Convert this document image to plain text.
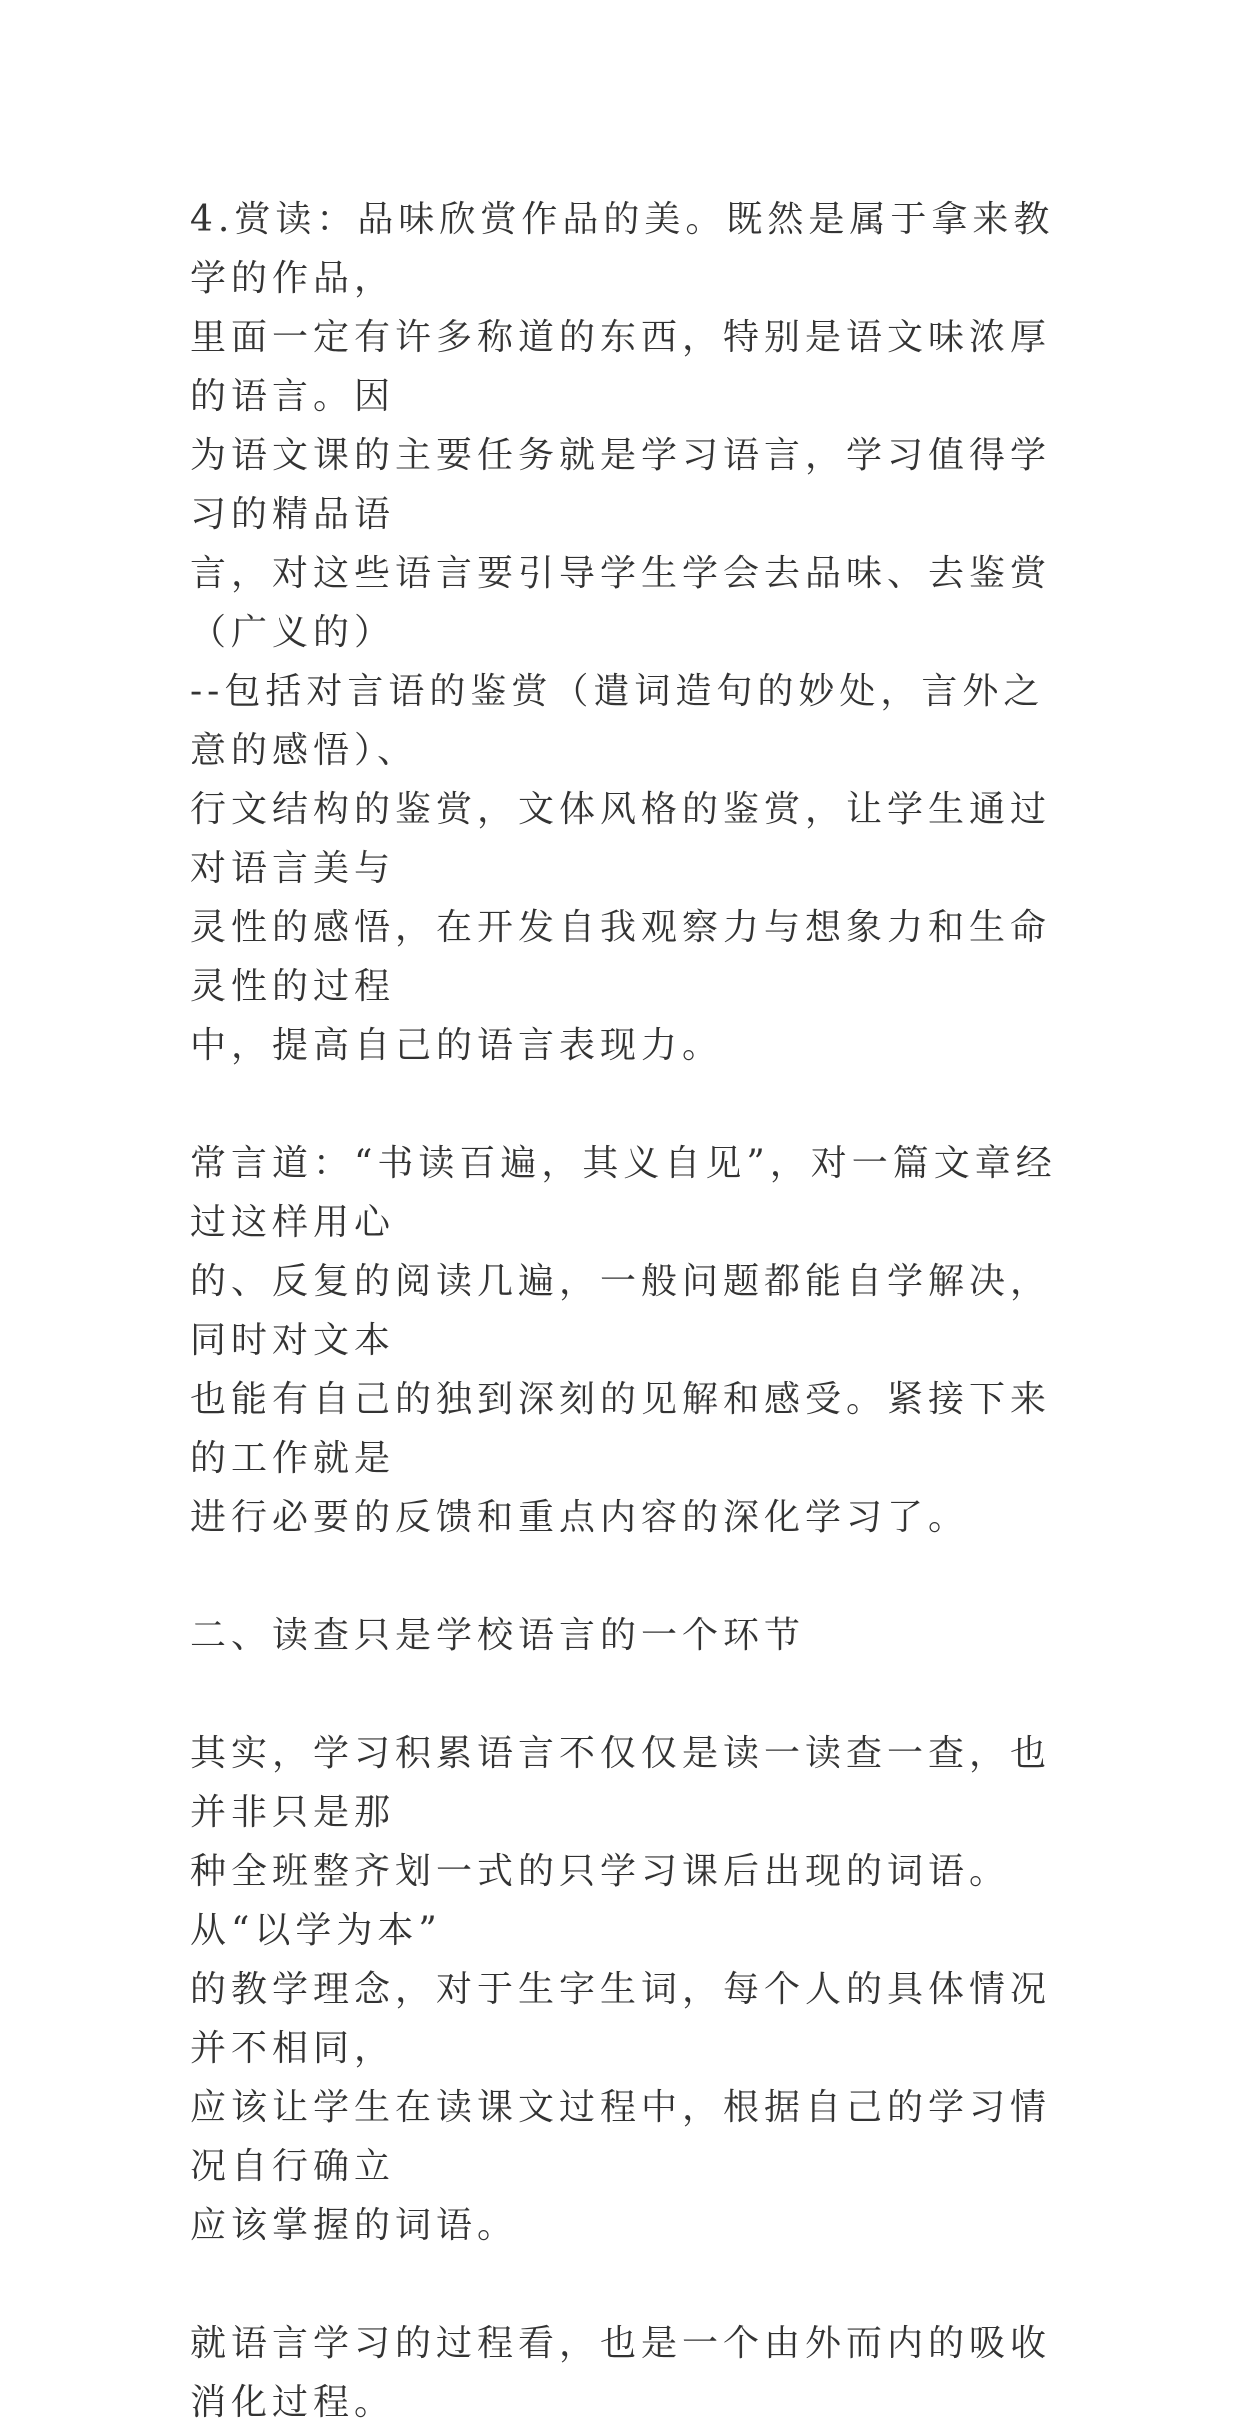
4.赏读：品味欣赏作品的美。既然是属于拿来教学的作品，
里面一定有许多称道的东西，特别是语文味浓厚的语言。因
为语文课的主要任务就是学习语言，学习值得学习的精品语
言，对这些语言要引导学生学会去品味、去鉴赏（广义的）
--包括对言语的鉴赏（遣词造句的妙处，言外之意的感悟）、
行文结构的鉴赏，文体风格的鉴赏，让学生通过对语言美与
灵性的感悟，在开发自我观察力与想象力和生命灵性的过程
中，提高自己的语言表现力。

常言道：“书读百遍，其义自见”，对一篇文章经过这样用心
的、反复的阅读几遍，一般问题都能自学解决，同时对文本
也能有自己的独到深刻的见解和感受。紧接下来的工作就是
进行必要的反馈和重点内容的深化学习了。

二、读查只是学校语言的一个环节

其实，学习积累语言不仅仅是读一读查一查，也并非只是那
种全班整齐划一式的只学习课后出现的词语。从“以学为本”
的教学理念，对于生字生词，每个人的具体情况并不相同，
应该让学生在读课文过程中，根据自己的学习情况自行确立
应该掌握的词语。

就语言学习的过程看，也是一个由外而内的吸收消化过程。
